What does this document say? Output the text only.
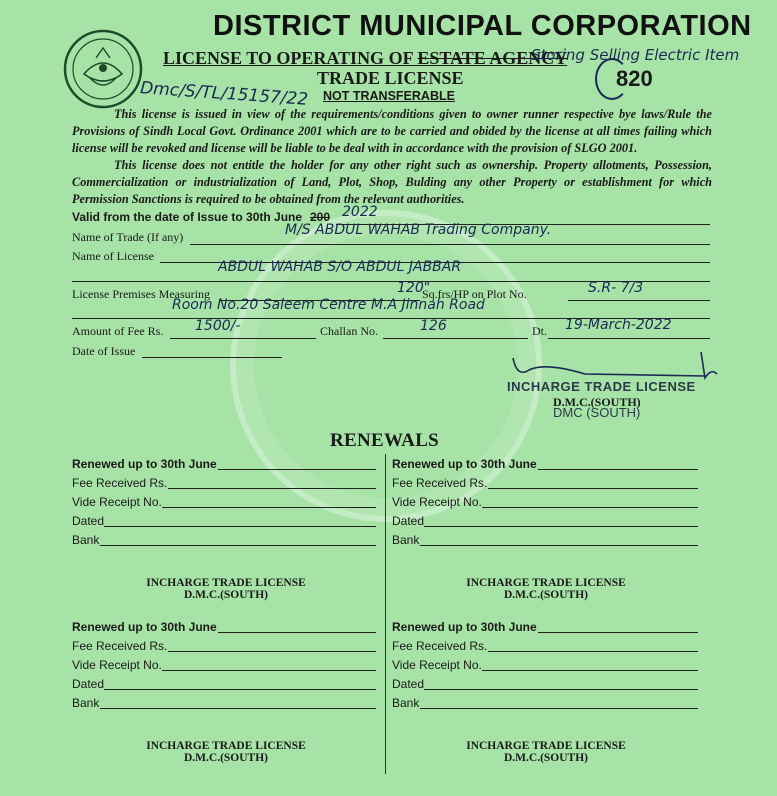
DISTRICT MUNICIPAL CORPORATION
LICENSE TO OPERATING OF ESTATE AGENCY
Storing Selling Electric Item
820
TRADE LICENSE
Dmc/S/TL/15157/22 NOT TRANSFERABLE
This license is issued in view of the requirements/conditions given to owner runner respective bye laws/Rule the Provisions of Sindh Local Govt. Ordinance 2001 which are to be carried and obided by the license at all times failing which license will be revoked and license will be liable to be deal with in accordance with the provision of SLGO 2001.
This license does not entitle the holder for any other right such as ownership. Property allotments, Possession, Commercialization or industrialization of Land, Plot, Shop, Bulding any other Property or establishment for which Permission Sanctions is required to be obtained from the relevant authorities.
Valid from the date of Issue to 30th June 200 2022
Name of Trade (If any)	M/S ABDUL WAHAB Trading Company.
Name of License
ABDUL WAHAB S/O ABDUL JABBAR
License Premises Measuring	120"
Sq.frs/HP on Plot No.	S.R- 7/3
Room No.20 Saleem Centre M.A Jinnah Road
Amount of Fee Rs. 1500/-	Challan No.	126	Dt. 19-March-2022
Date of Issue
INCHARGE TRADE LICENSE
D.M.C.(SOUTH)
DMC (SOUTH)
RENEWALS
Renewed up to 30th June
Fee Received Rs.
Vide Receipt No.
Dated
Bank
INCHARGE TRADE LICENSE
D.M.C.(SOUTH)
Renewed up to 30th June
Fee Received Rs.
Vide Receipt No.
Dated
Bank
INCHARGE TRADE LICENSE
D.M.C.(SOUTH)
Renewed up to 30th June
Fee Received Rs.
Vide Receipt No.
Dated
Bank
INCHARGE TRADE LICENSE
D.M.C.(SOUTH)
Renewed up to 30th June
Fee Received Rs.
Vide Receipt No.
Dated
Bank
INCHARGE TRADE LICENSE
D.M.C.(SOUTH)
